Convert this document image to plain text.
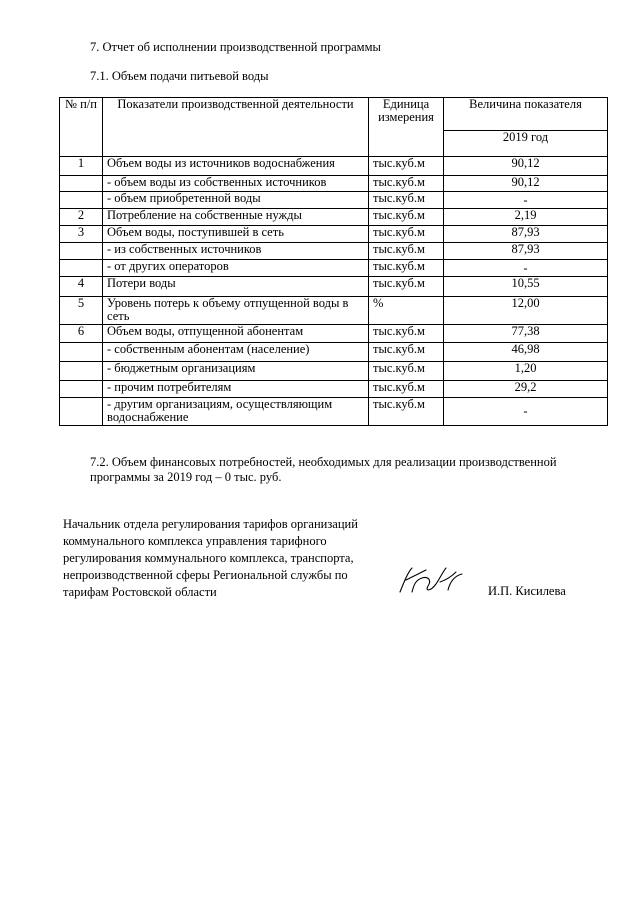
7. Отчет об исполнении производственной программы
7.1. Объем подачи питьевой воды
№ п/п	Показатели производственной деятельности	Единица измерения	Величина показателя
			2019 год
1	Объем воды из источников водоснабжения	тыс.куб.м	90,12
	- объем воды из собственных источников	тыс.куб.м	90,12
	- объем приобретенной воды	тыс.куб.м	-
2	Потребление на собственные нужды	тыс.куб.м	2,19
3	Объем воды, поступившей в сеть	тыс.куб.м	87,93
	- из собственных источников	тыс.куб.м	87,93
	- от других операторов	тыс.куб.м	-
4	Потери воды	тыс.куб.м	10,55
5	Уровень потерь к объему отпущенной воды в сеть	%	12,00
6	Объем воды, отпущенной абонентам	тыс.куб.м	77,38
	- собственным абонентам (население)	тыс.куб.м	46,98
	- бюджетным организациям	тыс.куб.м	1,20
	- прочим потребителям	тыс.куб.м	29,2
	- другим организациям, осуществляющим водоснабжение	тыс.куб.м	-
7.2. Объем финансовых потребностей, необходимых для реализации производственной программы за 2019 год – 0 тыс. руб.
Начальник отдела регулирования тарифов организаций коммунального комплекса управления тарифного регулирования коммунального комплекса, транспорта, непроизводственной сферы Региональной службы по тарифам Ростовской области	И.П. Кисилева
